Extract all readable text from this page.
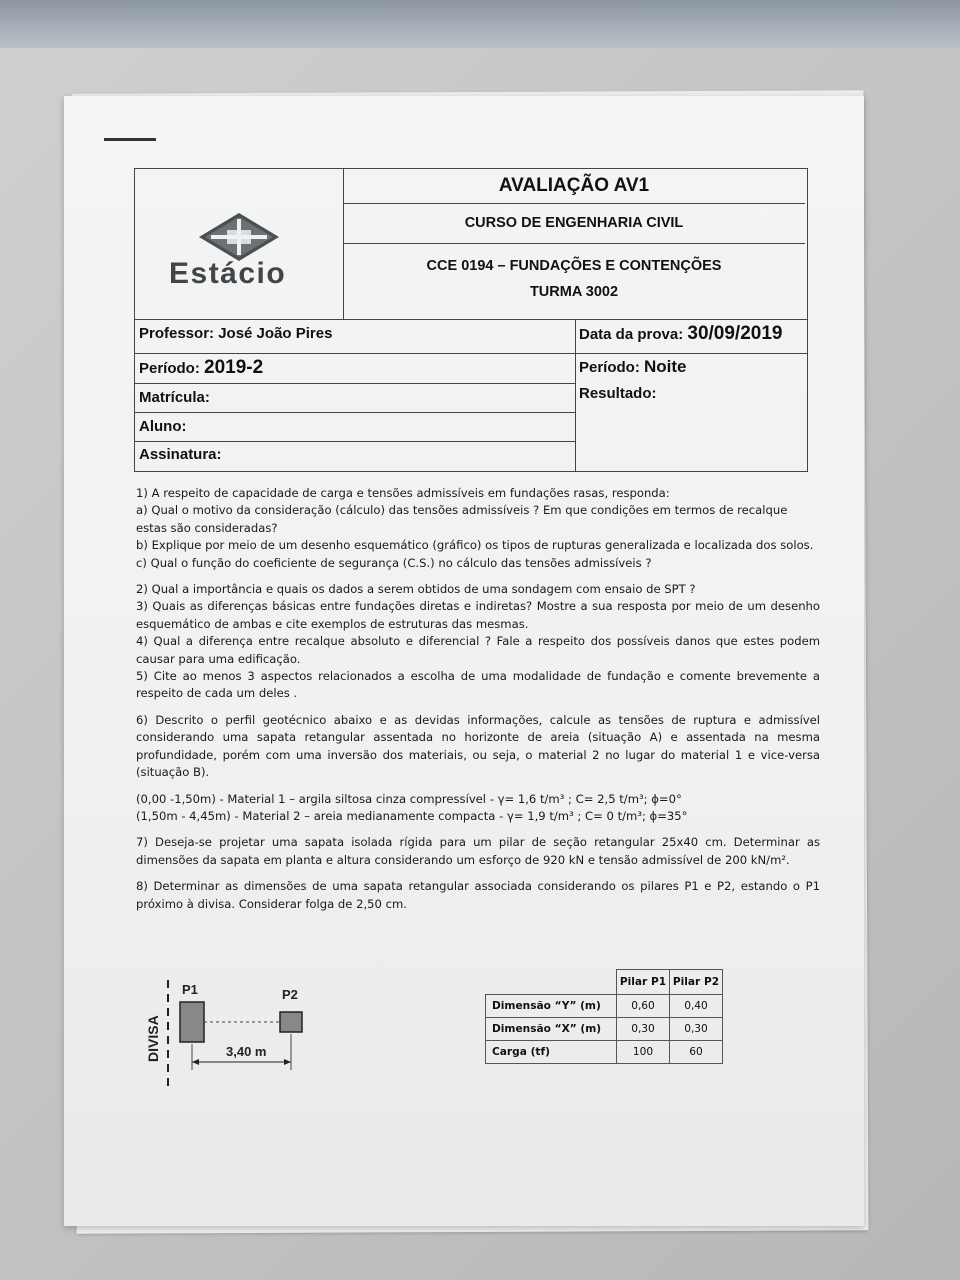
Estácio
AVALIAÇÃO AV1
CURSO DE ENGENHARIA CIVIL
CCE 0194 – FUNDAÇÕES E CONTENÇÕES
TURMA 3002
Professor: José João Pires	Data da prova: 30/09/2019
Período: 2019-2	Período: Noite
Matrícula:	Resultado:
Aluno:
Assinatura:

1) A respeito de capacidade de carga e tensões admissíveis em fundações rasas, responda:

a) Qual o motivo da consideração (cálculo) das tensões admissíveis ? Em que condições em termos de recalque estas são consideradas?

b) Explique por meio de um desenho esquemático (gráfico) os tipos de rupturas generalizada e localizada dos solos.

c) Qual o função do coeficiente de segurança (C.S.) no cálculo das tensões admissíveis ?

2) Qual a importância e quais os dados a serem obtidos de uma sondagem com ensaio de SPT ?

3) Quais as diferenças básicas entre fundações diretas e indiretas? Mostre a sua resposta por meio de um desenho esquemático de ambas e cite exemplos de estruturas das mesmas.

4) Qual a diferença entre recalque absoluto e diferencial ? Fale a respeito dos possíveis danos que estes podem causar para uma edificação.

5) Cite ao menos 3 aspectos relacionados a escolha de uma modalidade de fundação e comente brevemente a respeito de cada um deles .

6) Descrito o perfil geotécnico abaixo e as devidas informações, calcule as tensões de ruptura e admissível considerando uma sapata retangular assentada no horizonte de areia (situação A) e assentada na mesma profundidade, porém com uma inversão dos materiais, ou seja, o material 2 no lugar do material 1 e vice-versa (situação B).

(0,00 -1,50m) - Material 1 – argila siltosa cinza compressível - γ= 1,6 t/m³ ; C= 2,5 t/m³; ϕ=0°

(1,50m - 4,45m) - Material 2 – areia medianamente compacta - γ= 1,9 t/m³ ; C= 0 t/m³; ϕ=35°

7) Deseja-se projetar uma sapata isolada rígida para um pilar de seção retangular 25x40 cm. Determinar as dimensões da sapata em planta e altura considerando um esforço de 920 kN e tensão admissível de 200 kN/m².

8) Determinar as dimensões de uma sapata retangular associada considerando os pilares P1 e P2, estando o P1 próximo à divisa. Considerar folga de 2,50 cm.

DIVISA
P1	P2
3,40 m
	Pilar P1	Pilar P2
Dimensão “Y” (m)	0,60	0,40
Dimensão “X” (m)	0,30	0,30
Carga (tf)	100	60
